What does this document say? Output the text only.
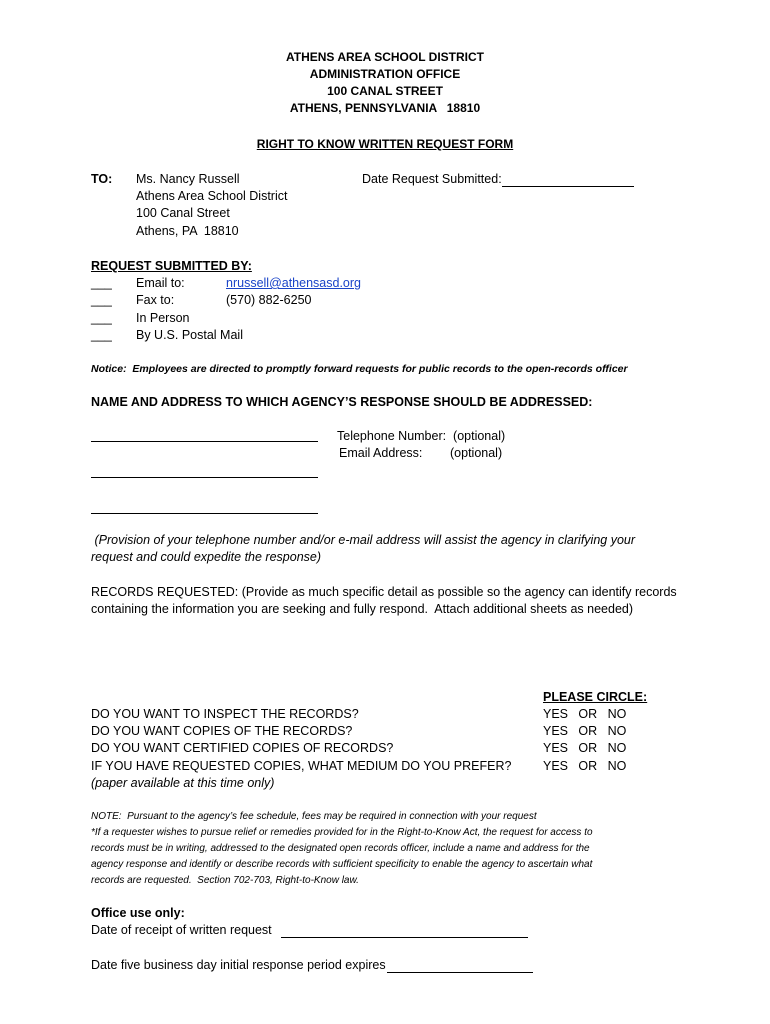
ATHENS AREA SCHOOL DISTRICT
ADMINISTRATION OFFICE
100 CANAL STREET
ATHENS, PENNSYLVANIA   18810
RIGHT TO KNOW WRITTEN REQUEST FORM
TO: Ms. Nancy Russell
Athens Area School District
100 Canal Street
Athens, PA  18810
Date Request Submitted:
REQUEST SUBMITTED BY:
___ Email to:	nrussell@athensasd.org
___ Fax to:	(570) 882-6250
___ In Person
___ By U.S. Postal Mail
Notice:  Employees are directed to promptly forward requests for public records to the open-records officer
NAME AND ADDRESS TO WHICH AGENCY’S RESPONSE SHOULD BE ADDRESSED:
Telephone Number:  (optional)
Email Address: (optional)
(Provision of your telephone number and/or e-mail address will assist the agency in clarifying your
request and could expedite the response)
RECORDS REQUESTED: (Provide as much specific detail as possible so the agency can identify records
containing the information you are seeking and fully respond.  Attach additional sheets as needed)
PLEASE CIRCLE:
DO YOU WANT TO INSPECT THE RECORDS?	YES   OR   NO
DO YOU WANT COPIES OF THE RECORDS?	YES   OR   NO
DO YOU WANT CERTIFIED COPIES OF RECORDS?	YES   OR   NO
IF YOU HAVE REQUESTED COPIES, WHAT MEDIUM DO YOU PREFER?	YES   OR   NO
(paper available at this time only)
NOTE:  Pursuant to the agency’s fee schedule, fees may be required in connection with your request
*If a requester wishes to pursue relief or remedies provided for in the Right-to-Know Act, the request for access to
records must be in writing, addressed to the designated open records officer, include a name and address for the
agency response and identify or describe records with sufficient specificity to enable the agency to ascertain what
records are requested.  Section 702-703, Right-to-Know law.
Office use only:
Date of receipt of written request
Date five business day initial response period expires
